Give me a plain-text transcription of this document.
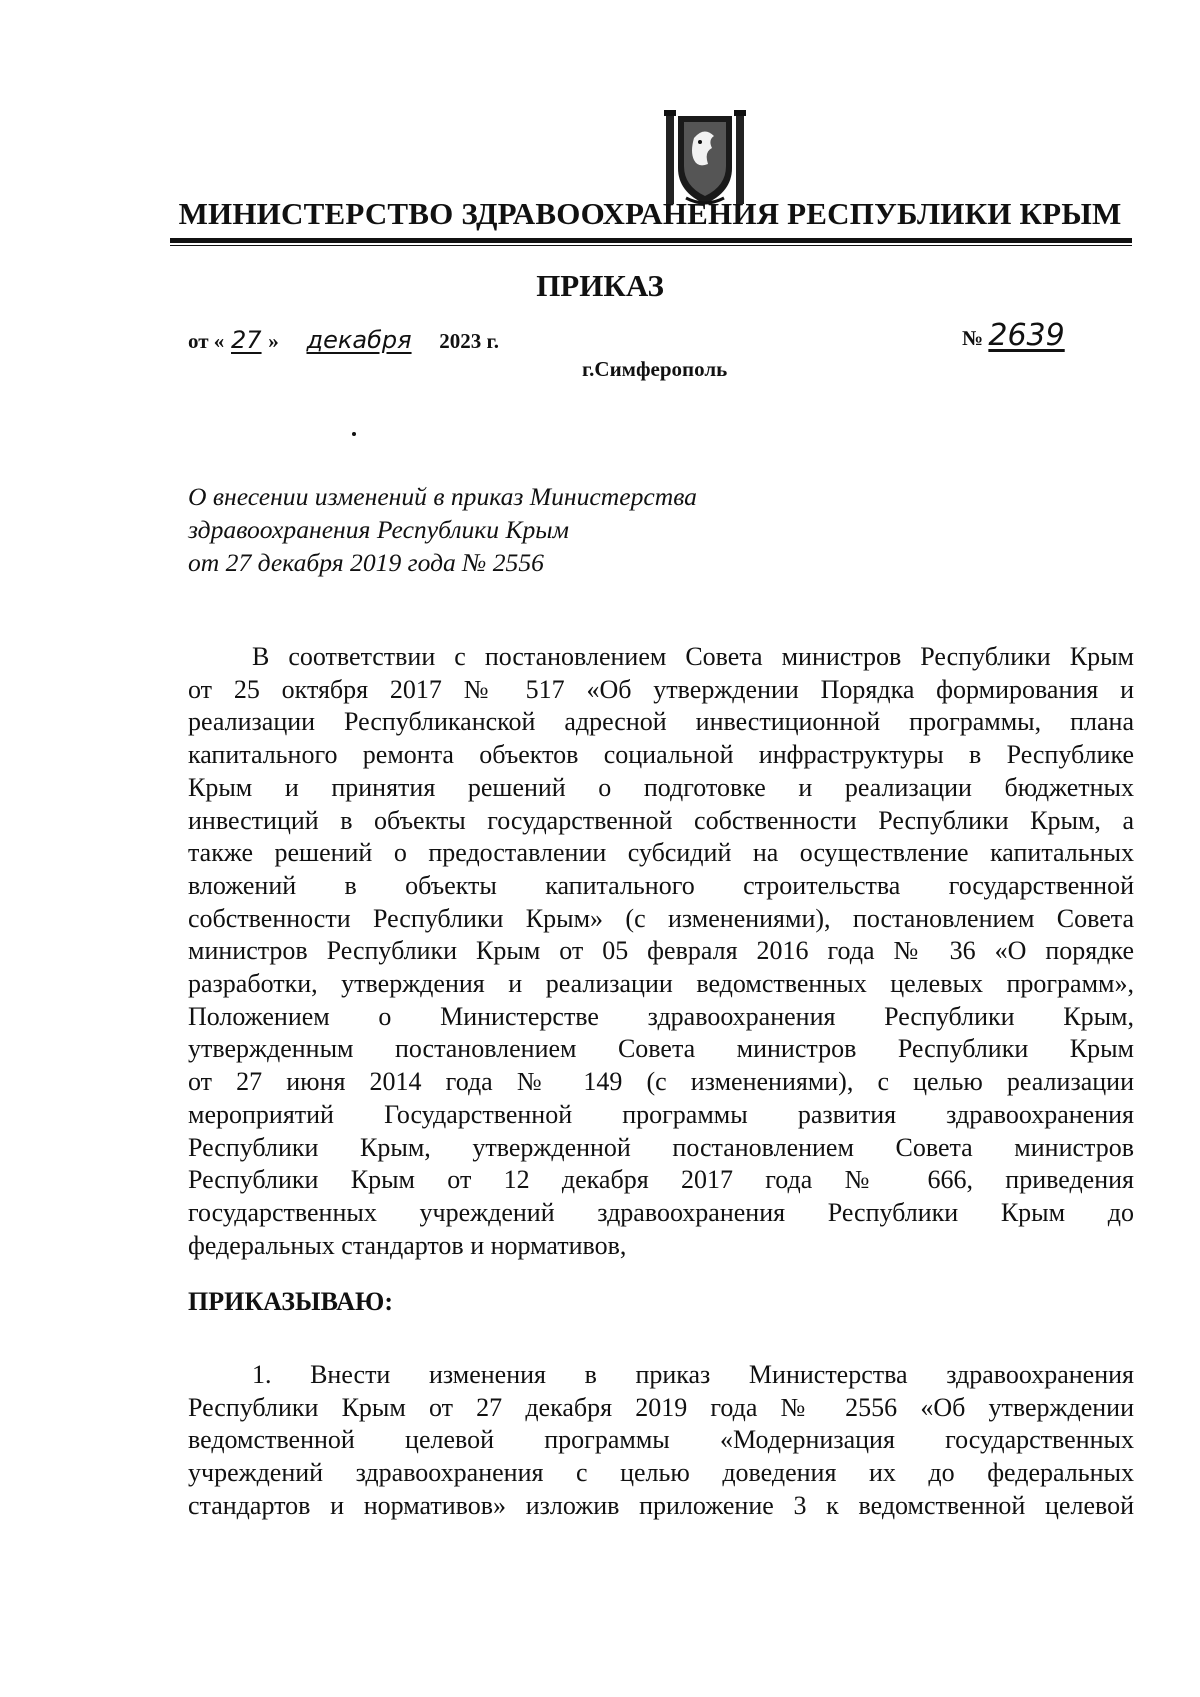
МИНИСТЕРСТВО ЗДРАВООХРАНЕНИЯ РЕСПУБЛИКИ КРЫМ
ПРИКАЗ
от « 27 » декабря 2023 г.	№ 2639
г.Симферополь
О внесении изменений в приказ Министерства
здравоохранения Республики Крым
от 27 декабря 2019 года № 2556
В соответствии с постановлением Совета министров Республики Крым
от 25 октября 2017 № 517 «Об утверждении Порядка формирования и
реализации Республиканской адресной инвестиционной программы, плана
капитального ремонта объектов социальной инфраструктуры в Республике
Крым и принятия решений о подготовке и реализации бюджетных
инвестиций в объекты государственной собственности Республики Крым, а
также решений о предоставлении субсидий на осуществление капитальных
вложений в объекты капитального строительства государственной
собственности Республики Крым» (с изменениями), постановлением Совета
министров Республики Крым от 05 февраля 2016 года № 36 «О порядке
разработки, утверждения и реализации ведомственных целевых программ»,
Положением о Министерстве здравоохранения Республики Крым,
утвержденным постановлением Совета министров Республики Крым
от 27 июня 2014 года № 149 (с изменениями), с целью реализации
мероприятий Государственной программы развития здравоохранения
Республики Крым, утвержденной постановлением Совета министров
Республики Крым от 12 декабря 2017 года № 666, приведения
государственных учреждений здравоохранения Республики Крым до
федеральных стандартов и нормативов,
ПРИКАЗЫВАЮ:
1. Внести изменения в приказ Министерства здравоохранения
Республики Крым от 27 декабря 2019 года № 2556 «Об утверждении
ведомственной целевой программы «Модернизация государственных
учреждений здравоохранения с целью доведения их до федеральных
стандартов и нормативов» изложив приложение 3 к ведомственной целевой
